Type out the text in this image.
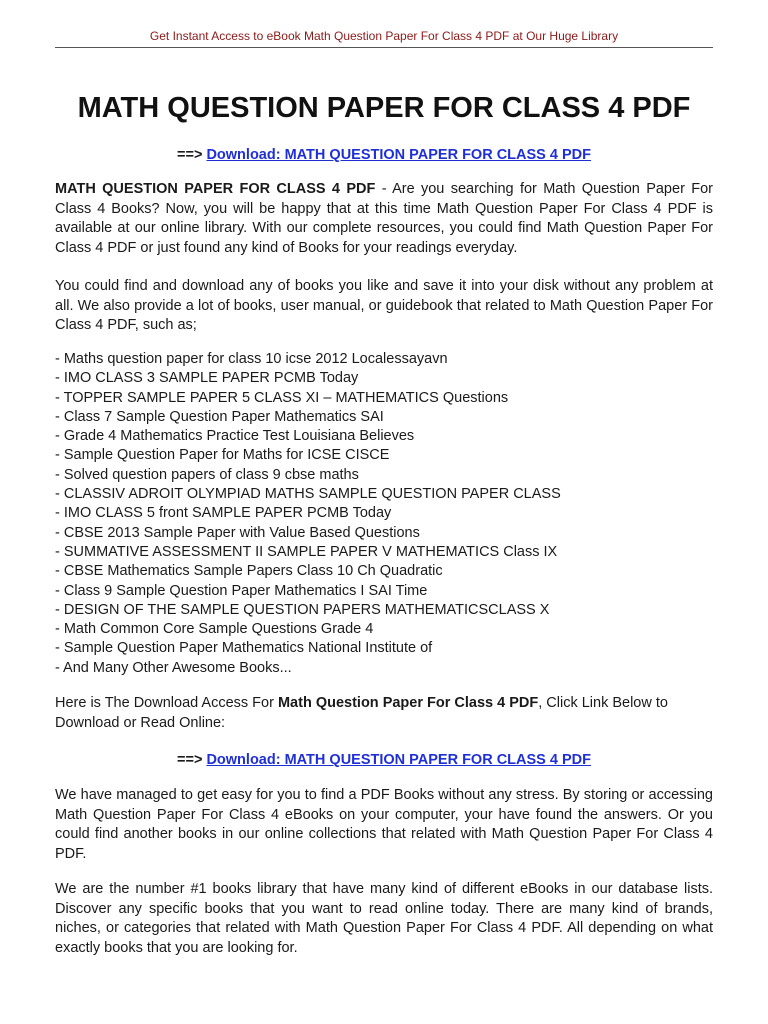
Get Instant Access to eBook Math Question Paper For Class 4 PDF at Our Huge Library
MATH QUESTION PAPER FOR CLASS 4 PDF
==> Download: MATH QUESTION PAPER FOR CLASS 4 PDF

MATH QUESTION PAPER FOR CLASS 4 PDF - Are you searching for Math Question Paper For Class 4 Books? Now, you will be happy that at this time Math Question Paper For Class 4 PDF is available at our online library. With our complete resources, you could find Math Question Paper For Class 4 PDF or just found any kind of Books for your readings everyday.

You could find and download any of books you like and save it into your disk without any problem at all. We also provide a lot of books, user manual, or guidebook that related to Math Question Paper For Class 4 PDF, such as;

- Maths question paper for class 10 icse 2012 Localessayavn
- IMO CLASS 3 SAMPLE PAPER PCMB Today
- TOPPER SAMPLE PAPER 5 CLASS XI – MATHEMATICS Questions
- Class 7 Sample Question Paper Mathematics SAI
- Grade 4 Mathematics Practice Test Louisiana Believes
- Sample Question Paper for Maths for ICSE CISCE
- Solved question papers of class 9 cbse maths
- CLASSIV ADROIT OLYMPIAD MATHS SAMPLE QUESTION PAPER CLASS
- IMO CLASS 5 front SAMPLE PAPER PCMB Today
- CBSE 2013 Sample Paper with Value Based Questions
- SUMMATIVE ASSESSMENT II SAMPLE PAPER V MATHEMATICS Class IX
- CBSE Mathematics Sample Papers Class 10 Ch Quadratic
- Class 9 Sample Question Paper Mathematics I SAI Time
- DESIGN OF THE SAMPLE QUESTION PAPERS MATHEMATICSCLASS X
- Math Common Core Sample Questions Grade 4
- Sample Question Paper Mathematics National Institute of
- And Many Other Awesome Books...

Here is The Download Access For Math Question Paper For Class 4 PDF, Click Link Below to Download or Read Online:

==> Download: MATH QUESTION PAPER FOR CLASS 4 PDF

We have managed to get easy for you to find a PDF Books without any stress. By storing or accessing Math Question Paper For Class 4 eBooks on your computer, your have found the answers. Or you could find another books in our online collections that related with Math Question Paper For Class 4 PDF.

We are the number #1 books library that have many kind of different eBooks in our database lists. Discover any specific books that you want to read online today. There are many kind of brands, niches, or categories that related with Math Question Paper For Class 4 PDF. All depending on what exactly books that you are looking for.
